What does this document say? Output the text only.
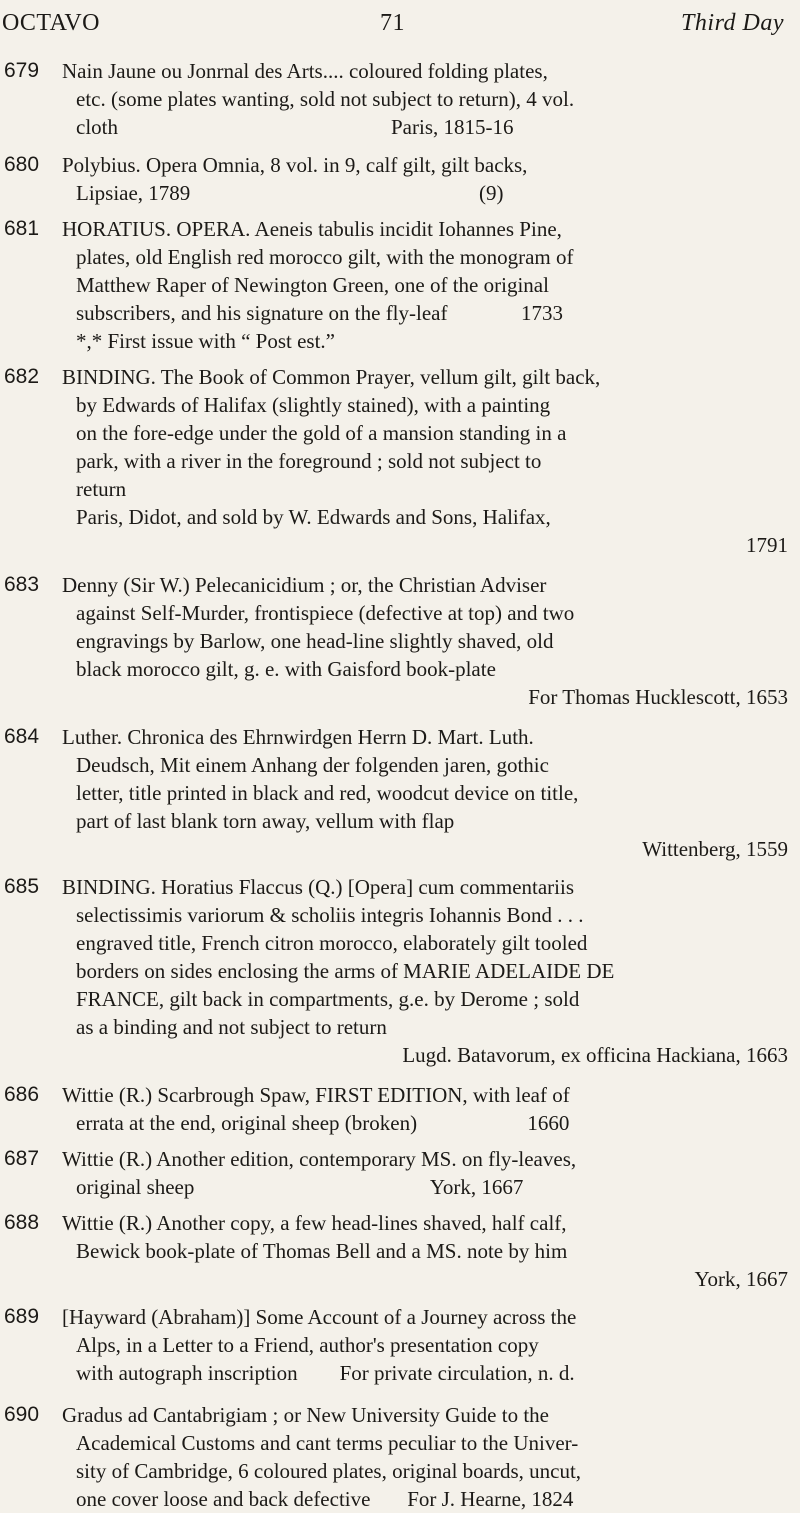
OCTAVO	71	Third Day
679 Nain Jaune ou Jonrnal des Arts.... coloured folding plates,
etc. (some plates wanting, sold not subject to return), 4 vol.
cloth                                                    Paris, 1815-16
680 Polybius. Opera Omnia, 8 vol. in 9, calf gilt, gilt backs,
Lipsiae, 1789                                                       (9)
681 HORATIUS. OPERA. Aeneis tabulis incidit Iohannes Pine,
plates, old English red morocco gilt, with the monogram of
Matthew Raper of Newington Green, one of the original
subscribers, and his signature on the fly-leaf              1733
*,* First issue with “ Post est.”
682 BINDING. The Book of Common Prayer, vellum gilt, gilt back,
by Edwards of Halifax (slightly stained), with a painting
on the fore-edge under the gold of a mansion standing in a
park, with a river in the foreground ; sold not subject to
return
Paris, Didot, and sold by W. Edwards and Sons, Halifax,
1791
683 Denny (Sir W.) Pelecanicidium ; or, the Christian Adviser
against Self-Murder, frontispiece (defective at top) and two
engravings by Barlow, one head-line slightly shaved, old
black morocco gilt, g. e. with Gaisford book-plate
For Thomas Hucklescott, 1653
684 Luther. Chronica des Ehrnwirdgen Herrn D. Mart. Luth.
Deudsch, Mit einem Anhang der folgenden jaren, gothic
letter, title printed in black and red, woodcut device on title,
part of last blank torn away, vellum with flap
Wittenberg, 1559
685 BINDING. Horatius Flaccus (Q.) [Opera] cum commentariis
selectissimis variorum & scholiis integris Iohannis Bond . . .
engraved title, French citron morocco, elaborately gilt tooled
borders on sides enclosing the arms of MARIE ADELAIDE DE
FRANCE, gilt back in compartments, g.e. by Derome ; sold
as a binding and not subject to return
Lugd. Batavorum, ex officina Hackiana, 1663
686 Wittie (R.) Scarbrough Spaw, FIRST EDITION, with leaf of
errata at the end, original sheep (broken)                     1660
687 Wittie (R.) Another edition, contemporary MS. on fly-leaves,
original sheep                                             York, 1667
688 Wittie (R.) Another copy, a few head-lines shaved, half calf,
Bewick book-plate of Thomas Bell and a MS. note by him
York, 1667
689 [Hayward (Abraham)] Some Account of a Journey across the
Alps, in a Letter to a Friend, author's presentation copy
with autograph inscription        For private circulation, n. d.
690 Gradus ad Cantabrigiam ; or New University Guide to the
Academical Customs and cant terms peculiar to the Univer-
sity of Cambridge, 6 coloured plates, original boards, uncut,
one cover loose and back defective       For J. Hearne, 1824
